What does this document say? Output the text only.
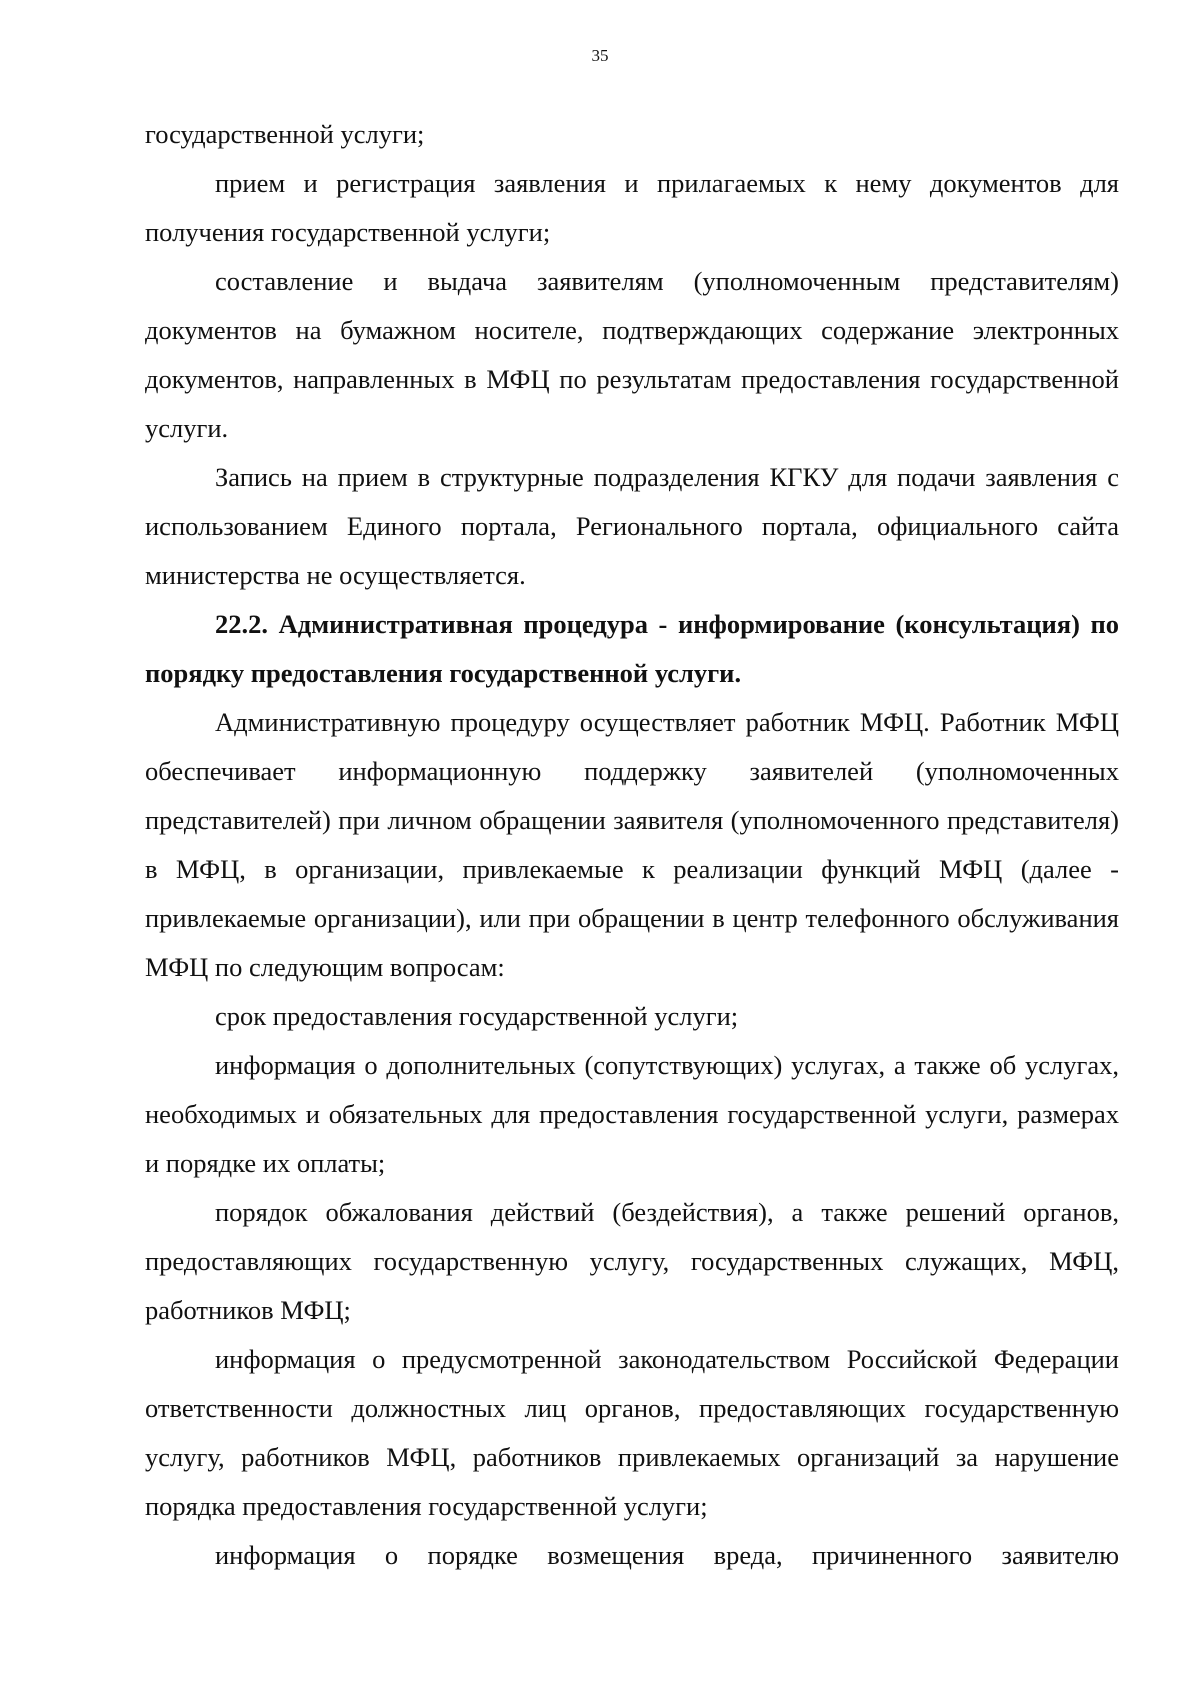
35

государственной услуги;

прием и регистрация заявления и прилагаемых к нему документов для получения государственной услуги;

составление и выдача заявителям (уполномоченным представителям) документов на бумажном носителе, подтверждающих содержание электронных документов, направленных в МФЦ по результатам предоставления государственной услуги.

Запись на прием в структурные подразделения КГКУ для подачи заявления с использованием Единого портала, Регионального портала, официального сайта министерства не осуществляется.

22.2. Административная процедура - информирование (консультация) по порядку предоставления государственной услуги.

Административную процедуру осуществляет работник МФЦ. Работник МФЦ обеспечивает информационную поддержку заявителей (уполномоченных представителей) при личном обращении заявителя (уполномоченного представителя) в МФЦ, в организации, привлекаемые к реализации функций МФЦ (далее - привлекаемые организации), или при обращении в центр телефонного обслуживания МФЦ по следующим вопросам:

срок предоставления государственной услуги;

информация о дополнительных (сопутствующих) услугах, а также об услугах, необходимых и обязательных для предоставления государственной услуги, размерах и порядке их оплаты;

порядок обжалования действий (бездействия), а также решений органов, предоставляющих государственную услугу, государственных служащих, МФЦ, работников МФЦ;

информация о предусмотренной законодательством Российской Федерации ответственности должностных лиц органов, предоставляющих государственную услугу, работников МФЦ, работников привлекаемых организаций за нарушение порядка предоставления государственной услуги;

информация о порядке возмещения вреда, причиненного заявителю
